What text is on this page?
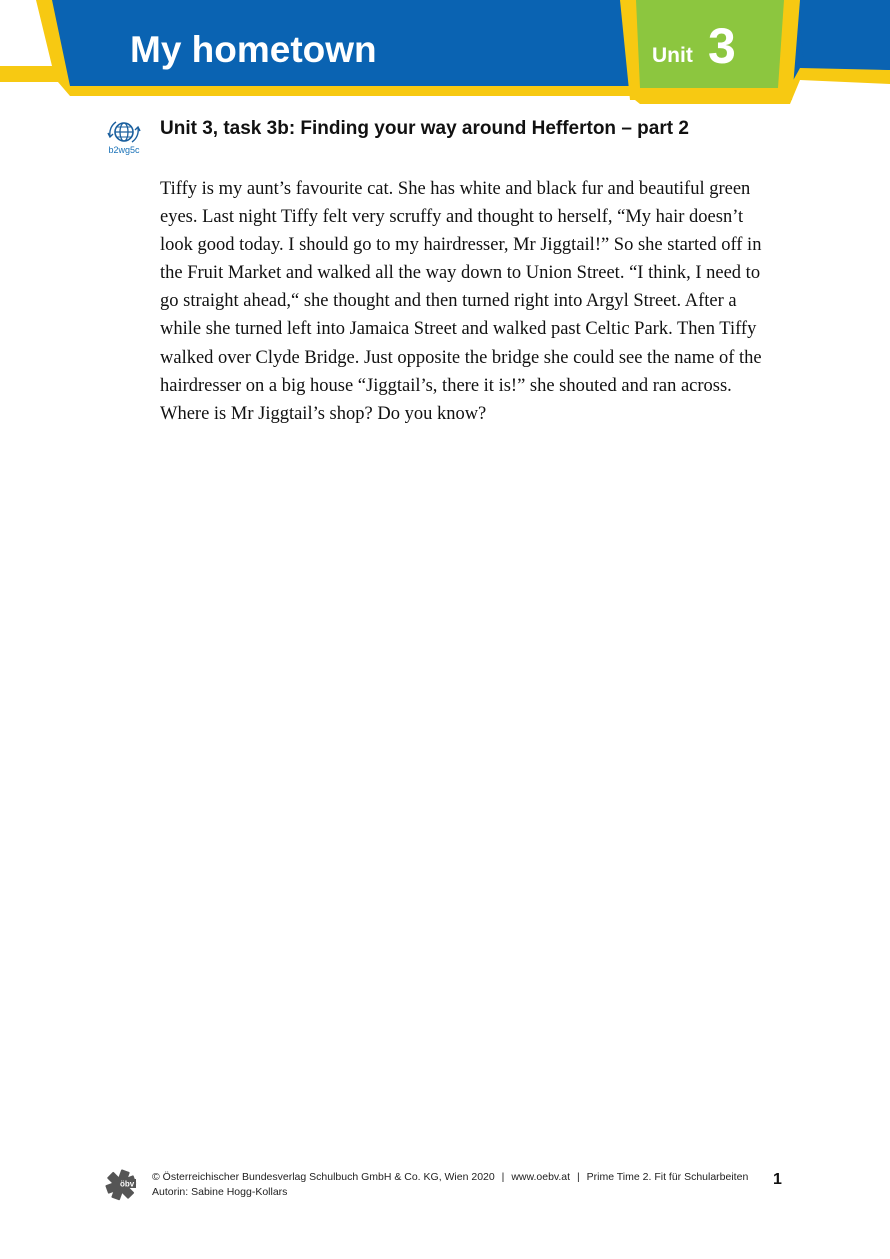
My hometown	Unit 3
b2wg5c
Unit 3, task 3b: Finding your way around Hefferton – part 2

Tiffy is my aunt’s favourite cat. She has white and black fur and beautiful green eyes. Last night Tiffy felt very scruffy and thought to herself, “My hair doesn’t look good today. I should go to my hairdresser, Mr Jiggtail!” So she started off in the Fruit Market and walked all the way down to Union Street. “I think, I need to go straight ahead,“ she thought and then turned right into Argyl Street. After a while she turned left into Jamaica Street and walked past Celtic Park. Then Tiffy walked over Clyde Bridge. Just opposite the bridge she could see the name of the hairdresser on a big house “Jiggtail’s, there it is!” she shouted and ran across. Where is Mr Jiggtail’s shop? Do you know?

öbv
© Österreichischer Bundesverlag Schulbuch GmbH & Co. KG, Wien 2020 | www.oebv.at | Prime Time 2. Fit für Schularbeiten
Autorin: Sabine Hogg-Kollars
1
